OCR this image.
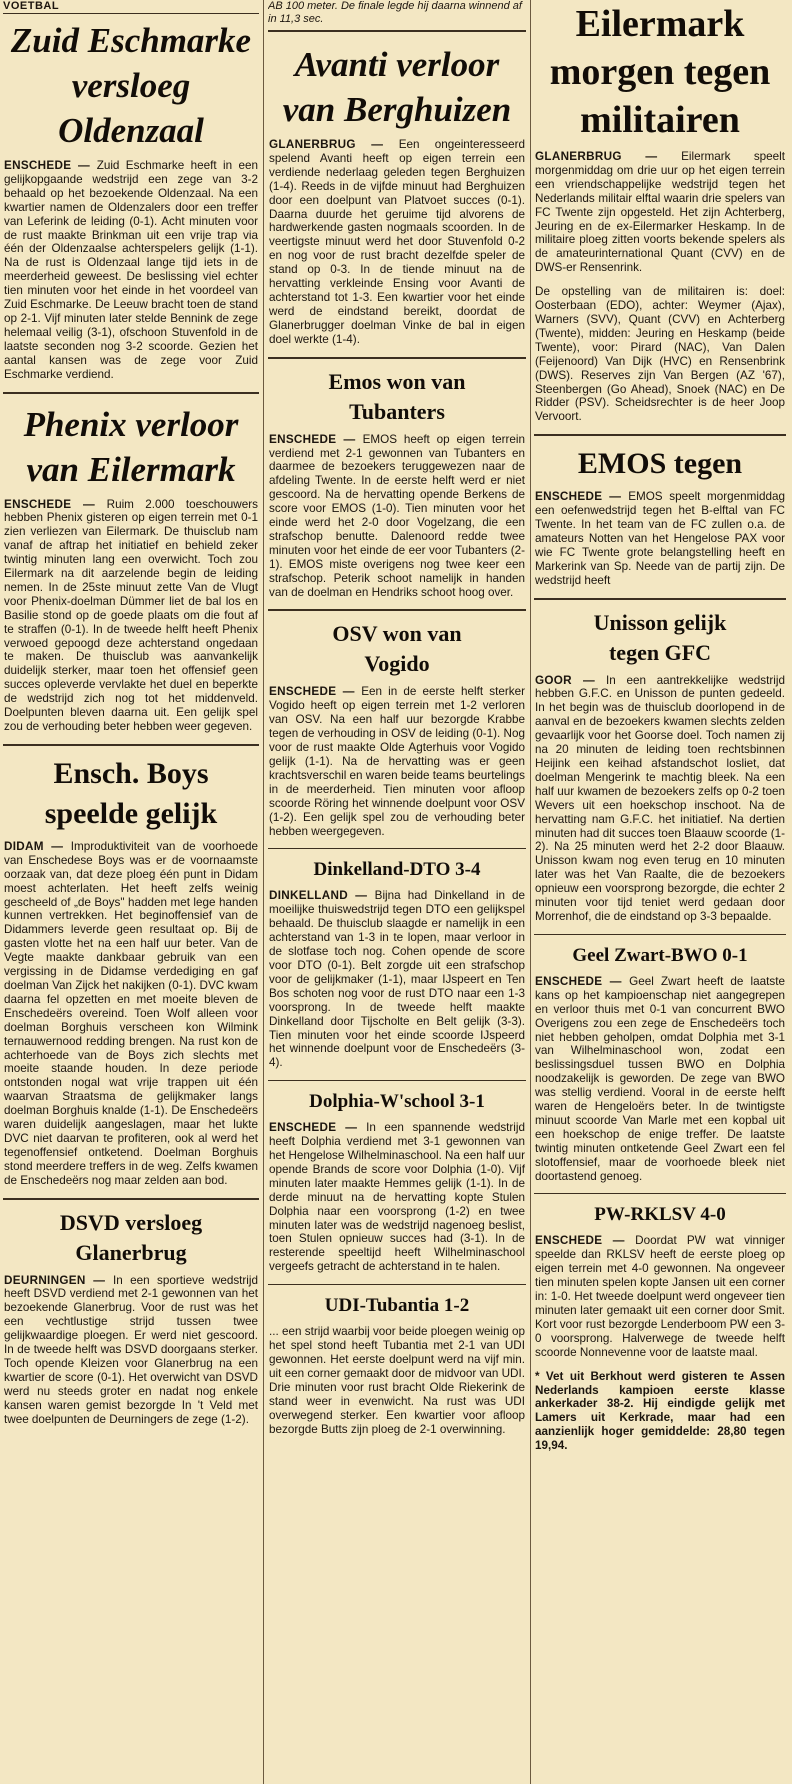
VOETBAL
Zuid Eschmarke
versloeg
Oldenzaal

ENSCHEDE — Zuid Eschmarke heeft in een gelijkopgaande wedstrijd een zege van 3-2 behaald op het bezoekende Oldenzaal. Na een kwartier namen de Oldenzalers door een treffer van Leferink de leiding (0-1). Acht minuten voor de rust maakte Brinkman uit een vrije trap via één der Oldenzaalse achterspelers gelijk (1-1). Na de rust is Oldenzaal lange tijd iets in de meerderheid geweest. De beslissing viel echter tien minuten voor het einde in het voordeel van Zuid Eschmarke. De Leeuw bracht toen de stand op 2-1. Vijf minuten later stelde Bennink de zege helemaal veilig (3-1), ofschoon Stuvenfold in de laatste seconden nog 3-2 scoorde. Gezien het aantal kansen was de zege voor Zuid Eschmarke verdiend.

Phenix verloor
van Eilermark

ENSCHEDE — Ruim 2.000 toeschouwers hebben Phenix gisteren op eigen terrein met 0-1 zien verliezen van Eilermark. De thuisclub nam vanaf de aftrap het initiatief en behield zeker twintig minuten lang een overwicht. Toch zou Eilermark na dit aarzelende begin de leiding nemen. In de 25ste minuut zette Van de Vlugt voor Phenix-doelman Dümmer liet de bal los en Basilie stond op de goede plaats om die fout af te straffen (0-1). In de tweede helft heeft Phenix verwoed gepoogd deze achterstand ongedaan te maken. De thuisclub was aanvankelijk duidelijk sterker, maar toen het offensief geen succes opleverde vervlakte het duel en beperkte de wedstrijd zich nog tot het middenveld. Doelpunten bleven daarna uit. Een gelijk spel zou de verhouding beter hebben weer gegeven.

Ensch. Boys
speelde gelijk

DIDAM — Improduktiviteit van de voorhoede van Enschedese Boys was er de voornaamste oorzaak van, dat deze ploeg één punt in Didam moest achterlaten. Het heeft zelfs weinig gescheeld of „de Boys" hadden met lege handen kunnen vertrekken. Het beginoffensief van de Didammers leverde geen resultaat op. Bij de gasten vlotte het na een half uur beter. Van de Vegte maakte dankbaar gebruik van een vergissing in de Didamse verdediging en gaf doelman Van Zijck het nakijken (0-1). DVC kwam daarna fel opzetten en met moeite bleven de Enschedeërs overeind. Toen Wolf alleen voor doelman Borghuis verscheen kon Wilmink ternauwernood redding brengen. Na rust kon de achterhoede van de Boys zich slechts met moeite staande houden. In deze periode ontstonden nogal wat vrije trappen uit één waarvan Straatsma de gelijkmaker langs doelman Borghuis knalde (1-1). De Enschedeërs waren duidelijk aangeslagen, maar het lukte DVC niet daarvan te profiteren, ook al werd het tegenoffensief ontketend. Doelman Borghuis stond meerdere treffers in de weg. Zelfs kwamen de Enschedeërs nog maar zelden aan bod.

DSVD versloeg
Glanerbrug

DEURNINGEN — In een sportieve wedstrijd heeft DSVD verdiend met 2-1 gewonnen van het bezoekende Glanerbrug. Voor de rust was het een vechtlustige strijd tussen twee gelijkwaardige ploegen. Er werd niet gescoord. In de tweede helft was DSVD doorgaans sterker. Toch opende Kleizen voor Glanerbrug na een kwartier de score (0-1). Het overwicht van DSVD werd nu steeds groter en nadat nog enkele kansen waren gemist bezorgde In 't Veld met twee doelpunten de Deurningers de zege (1-2).

AB 100 meter. De finale legde hij daarna winnend af in 11,3 sec.
Avanti verloor
van Berghuizen

GLANERBRUG — Een ongeinteresseerd spelend Avanti heeft op eigen terrein een verdiende nederlaag geleden tegen Berghuizen (1-4). Reeds in de vijfde minuut had Berghuizen door een doelpunt van Platvoet succes (0-1). Daarna duurde het geruime tijd alvorens de hardwerkende gasten nogmaals scoorden. In de veertigste minuut werd het door Stuvenfold 0-2 en nog voor de rust bracht dezelfde speler de stand op 0-3. In de tiende minuut na de hervatting verkleinde Ensing voor Avanti de achterstand tot 1-3. Een kwartier voor het einde werd de eindstand bereikt, doordat de Glanerbrugger doelman Vinke de bal in eigen doel werkte (1-4).

Emos won van
Tubanters

ENSCHEDE — EMOS heeft op eigen terrein verdiend met 2-1 gewonnen van Tubanters en daarmee de bezoekers teruggewezen naar de afdeling Twente. In de eerste helft werd er niet gescoord. Na de hervatting opende Berkens de score voor EMOS (1-0). Tien minuten voor het einde werd het 2-0 door Vogelzang, die een strafschop benutte. Dalenoord redde twee minuten voor het einde de eer voor Tubanters (2-1). EMOS miste overigens nog twee keer een strafschop. Peterik schoot namelijk in handen van de doelman en Hendriks schoot hoog over.

OSV won van
Vogido

ENSCHEDE — Een in de eerste helft sterker Vogido heeft op eigen terrein met 1-2 verloren van OSV. Na een half uur bezorgde Krabbe tegen de verhouding in OSV de leiding (0-1). Nog voor de rust maakte Olde Agterhuis voor Vogido gelijk (1-1). Na de hervatting was er geen krachtsverschil en waren beide teams beurtelings in de meerderheid. Tien minuten voor afloop scoorde Röring het winnende doelpunt voor OSV (1-2). Een gelijk spel zou de verhouding beter hebben weergegeven.

Dinkelland-DTO 3-4

DINKELLAND — Bijna had Dinkelland in de moeilijke thuiswedstrijd tegen DTO een gelijkspel behaald. De thuisclub slaagde er namelijk in een achterstand van 1-3 in te lopen, maar verloor in de slotfase toch nog. Cohen opende de score voor DTO (0-1). Belt zorgde uit een strafschop voor de gelijkmaker (1-1), maar IJspeert en Ten Bos schoten nog voor de rust DTO naar een 1-3 voorsprong. In de tweede helft maakte Dinkelland door Tijscholte en Belt gelijk (3-3). Tien minuten voor het einde scoorde IJspeerd het winnende doelpunt voor de Enschedeërs (3-4).

Dolphia-W'school 3-1

ENSCHEDE — In een spannende wedstrijd heeft Dolphia verdiend met 3-1 gewonnen van het Hengelose Wilhelminaschool. Na een half uur opende Brands de score voor Dolphia (1-0). Vijf minuten later maakte Hemmes gelijk (1-1). In de derde minuut na de hervatting kopte Stulen Dolphia naar een voorsprong (1-2) en twee minuten later was de wedstrijd nagenoeg beslist, toen Stulen opnieuw succes had (3-1). In de resterende speeltijd heeft Wilhelminaschool vergeefs getracht de achterstand in te halen.

UDI-Tubantia 1-2

... een strijd waarbij voor beide ploegen weinig op het spel stond heeft Tubantia met 2-1 van UDI gewonnen. Het eerste doelpunt werd na vijf min. uit een corner gemaakt door de midvoor van UDI. Drie minuten voor rust bracht Olde Riekerink de stand weer in evenwicht. Na rust was UDI overwegend sterker. Een kwartier voor afloop bezorgde Butts zijn ploeg de 2-1 overwinning.

Eilermark
morgen tegen
militairen

GLANERBRUG — Eilermark speelt morgenmiddag om drie uur op het eigen terrein een vriendschappelijke wedstrijd tegen het Nederlands militair elftal waarin drie spelers van FC Twente zijn opgesteld. Het zijn Achterberg, Jeuring en de ex-Eilermarker Heskamp. In de militaire ploeg zitten voorts bekende spelers als de amateurinternational Quant (CVV) en de DWS-er Rensenrink.

De opstelling van de militairen is: doel: Oosterbaan (EDO), achter: Weymer (Ajax), Warners (SVV), Quant (CVV) en Achterberg (Twente), midden: Jeuring en Heskamp (beide Twente), voor: Pirard (NAC), Van Dalen (Feijenoord) Van Dijk (HVC) en Rensenbrink (DWS). Reserves zijn Van Bergen (AZ '67), Steenbergen (Go Ahead), Snoek (NAC) en De Ridder (PSV). Scheidsrechter is de heer Joop Vervoort.

EMOS tegen

ENSCHEDE — EMOS speelt morgenmiddag een oefenwedstrijd tegen het B-elftal van FC Twente. In het team van de FC zullen o.a. de amateurs Notten van het Hengelose PAX voor wie FC Twente grote belangstelling heeft en Markerink van Sp. Neede van de partij zijn. De wedstrijd heeft

Unisson gelijk
tegen GFC

GOOR — In een aantrekkelijke wedstrijd hebben G.F.C. en Unisson de punten gedeeld. In het begin was de thuisclub doorlopend in de aanval en de bezoekers kwamen slechts zelden gevaarlijk voor het Goorse doel. Toch namen zij na 20 minuten de leiding toen rechtsbinnen Heijink een keihad afstandschot losliet, dat doelman Mengerink te machtig bleek. Na een half uur kwamen de bezoekers zelfs op 0-2 toen Wevers uit een hoekschop inschoot. Na de hervatting nam G.F.C. het initiatief. Na dertien minuten had dit succes toen Blaauw scoorde (1-2). Na 25 minuten werd het 2-2 door Blaauw. Unisson kwam nog even terug en 10 minuten later was het Van Raalte, die de bezoekers opnieuw een voorsprong bezorgde, die echter 2 minuten voor tijd teniet werd gedaan door Morrenhof, die de eindstand op 3-3 bepaalde.

Geel Zwart-BWO 0-1

ENSCHEDE — Geel Zwart heeft de laatste kans op het kampioenschap niet aangegrepen en verloor thuis met 0-1 van concurrent BWO Overigens zou een zege de Enschedeërs toch niet hebben geholpen, omdat Dolphia met 3-1 van Wilhelminaschool won, zodat een beslissingsduel tussen BWO en Dolphia noodzakelijk is geworden. De zege van BWO was stellig verdiend. Vooral in de eerste helft waren de Hengeloërs beter. In de twintigste minuut scoorde Van Marle met een kopbal uit een hoekschop de enige treffer. De laatste twintig minuten ontketende Geel Zwart een fel slotoffensief, maar de voorhoede bleek niet doortastend genoeg.

PW-RKLSV 4-0

ENSCHEDE — Doordat PW wat vinniger speelde dan RKLSV heeft de eerste ploeg op eigen terrein met 4-0 gewonnen. Na ongeveer tien minuten spelen kopte Jansen uit een corner in: 1-0. Het tweede doelpunt werd ongeveer tien minuten later gemaakt uit een corner door Smit. Kort voor rust bezorgde Lenderboom PW een 3-0 voorsprong. Halverwege de tweede helft scoorde Nonnevenne voor de laatste maal.

* Vet uit Berkhout werd gisteren te Assen Nederlands kampioen eerste klasse ankerkader 38-2. Hij eindigde gelijk met Lamers uit Kerkrade, maar had een aanzienlijk hoger gemiddelde: 28,80 tegen 19,94.
